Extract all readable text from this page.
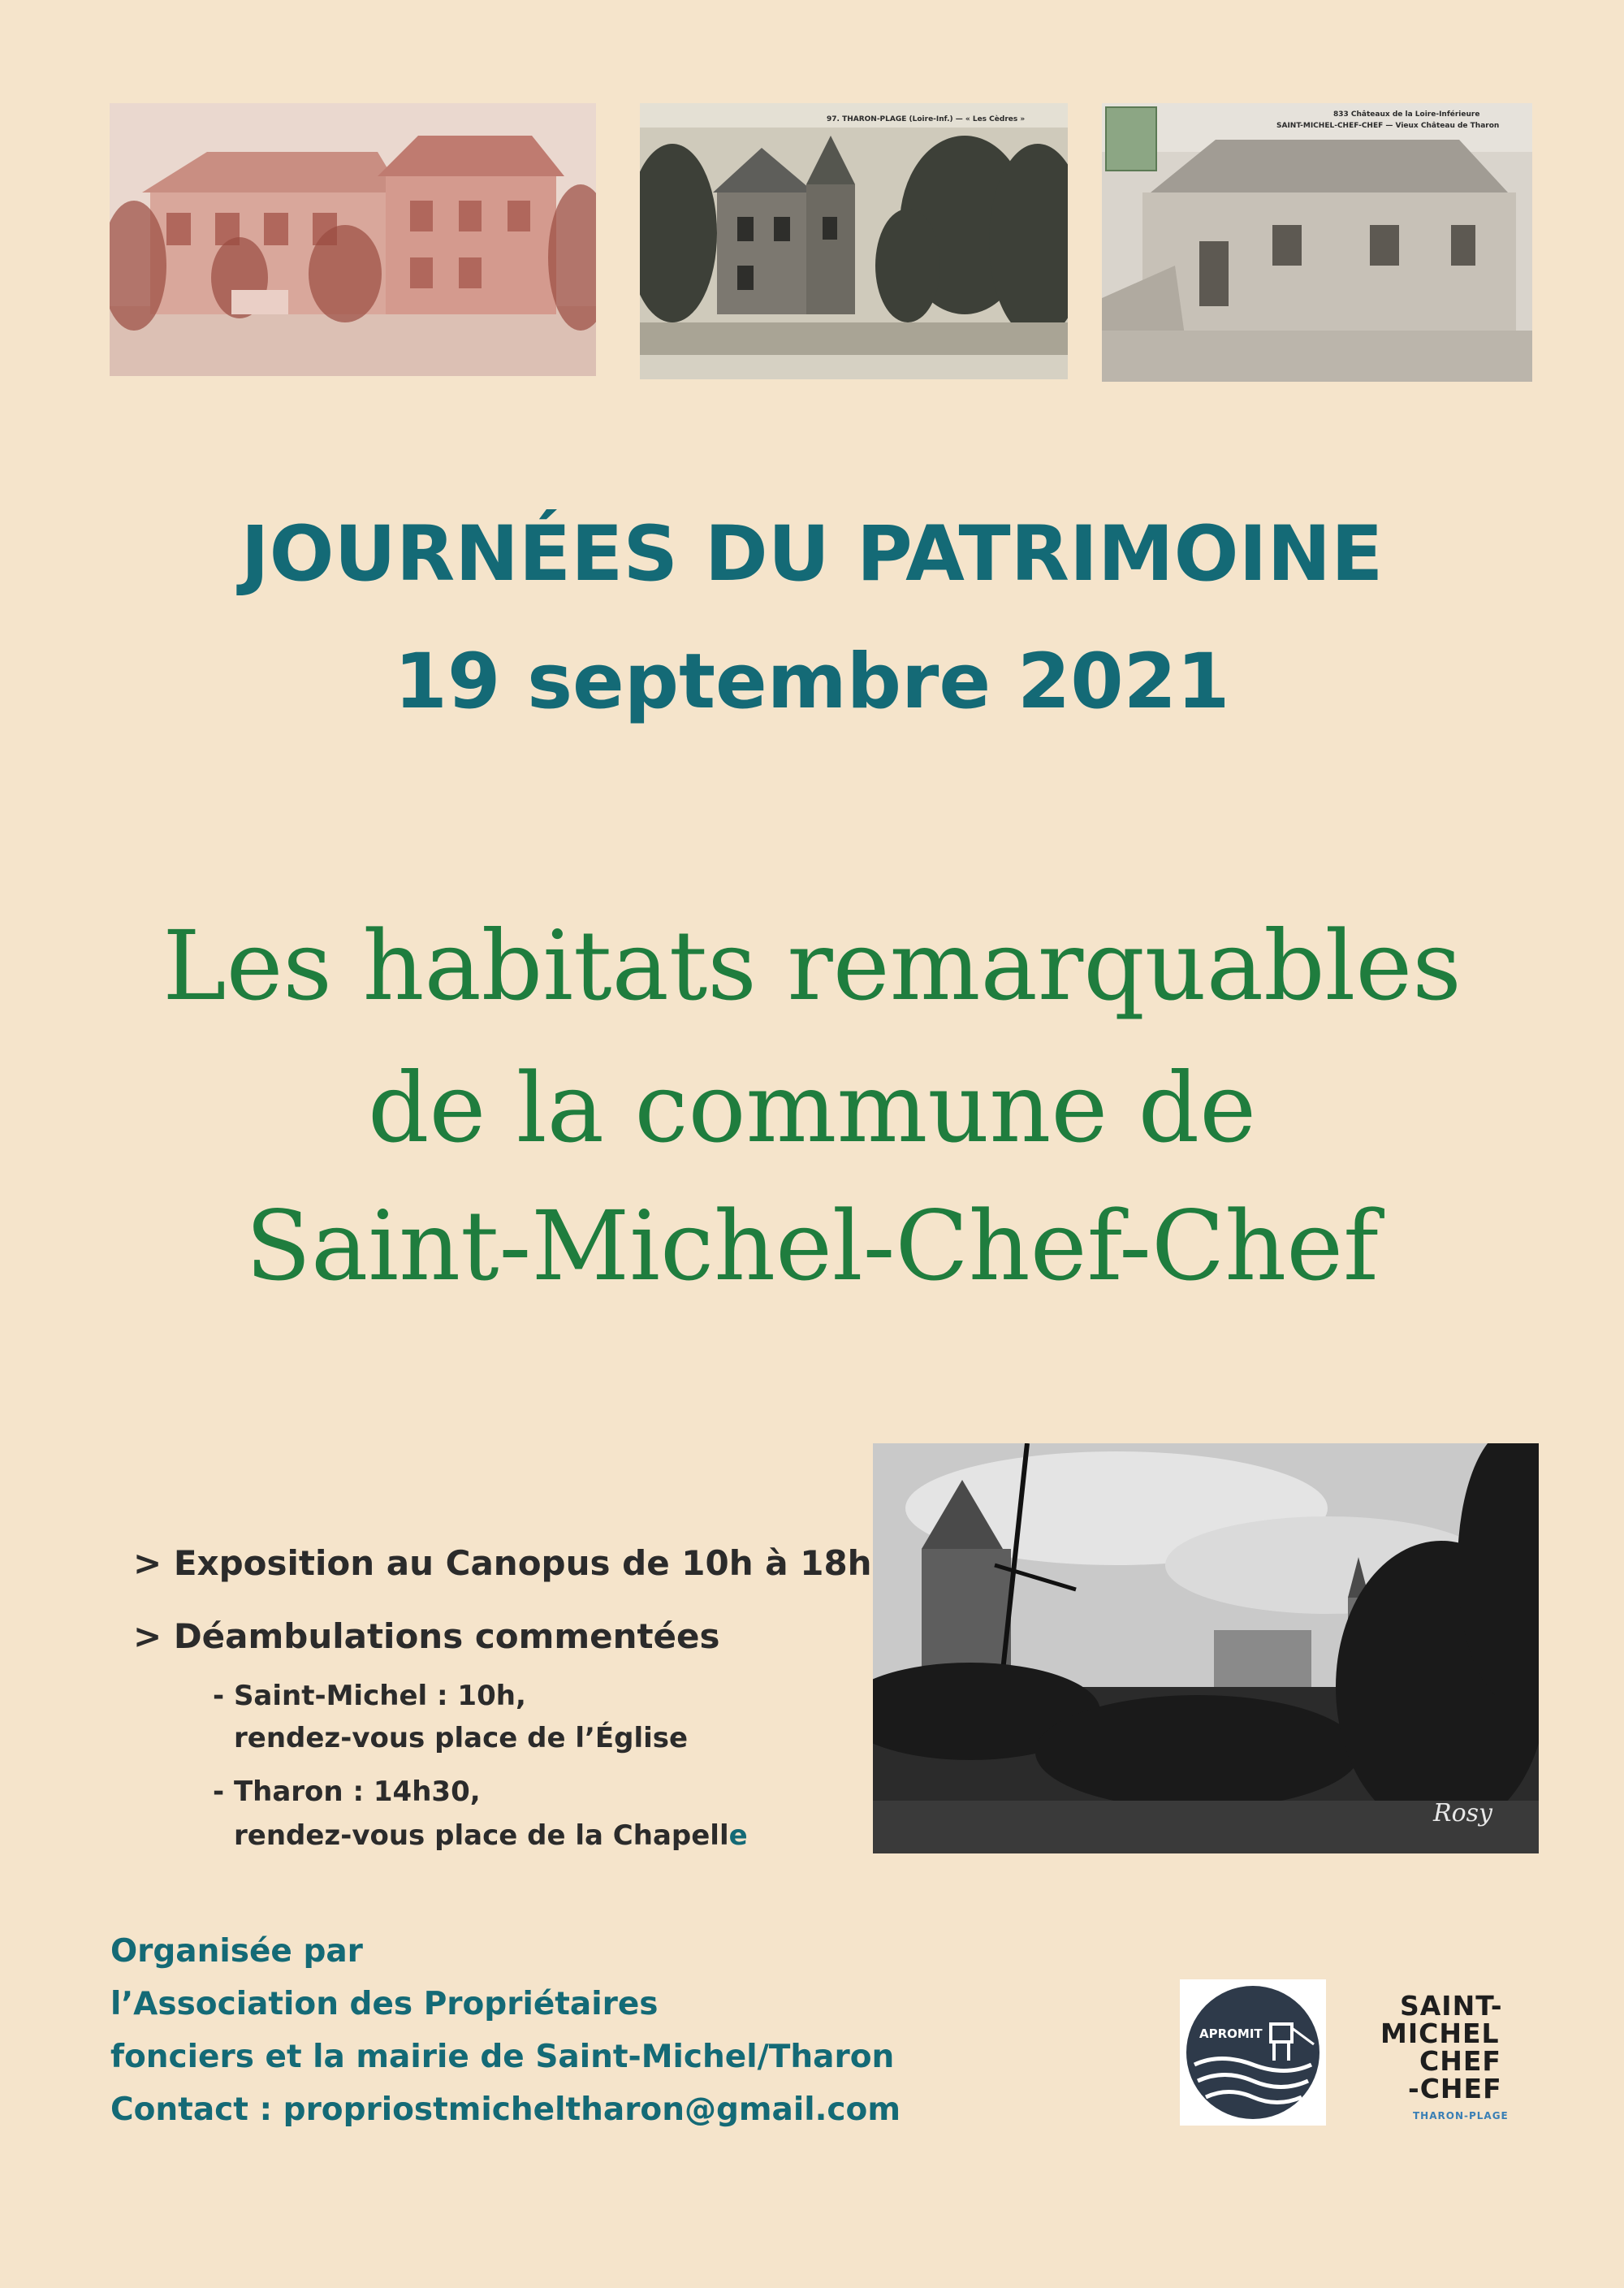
97. THARON-PLAGE (Loire-Inf.) — « Les Cèdres »
833 Châteaux de la Loire-Inférieure
SAINT-MICHEL-CHEF-CHEF — Vieux Château de Tharon
JOURNÉES DU PATRIMOINE
19 septembre 2021
Les habitats remarquables
de la commune de
Saint-Michel-Chef-Chef
Rosy
> Exposition au Canopus de 10h à 18h
> Déambulations commentées
- Saint-Michel : 10h,
rendez-vous place de l’Église
- Tharon : 14h30,
rendez-vous place de la Chapelle
Organisée par
l’Association des Propriétaires
fonciers et la mairie de Saint-Michel/Tharon
Contact : propriostmicheltharon@gmail.com
APROMIT
SAINT-
MICHEL
CHEF
-CHEF
THARON-PLAGE
